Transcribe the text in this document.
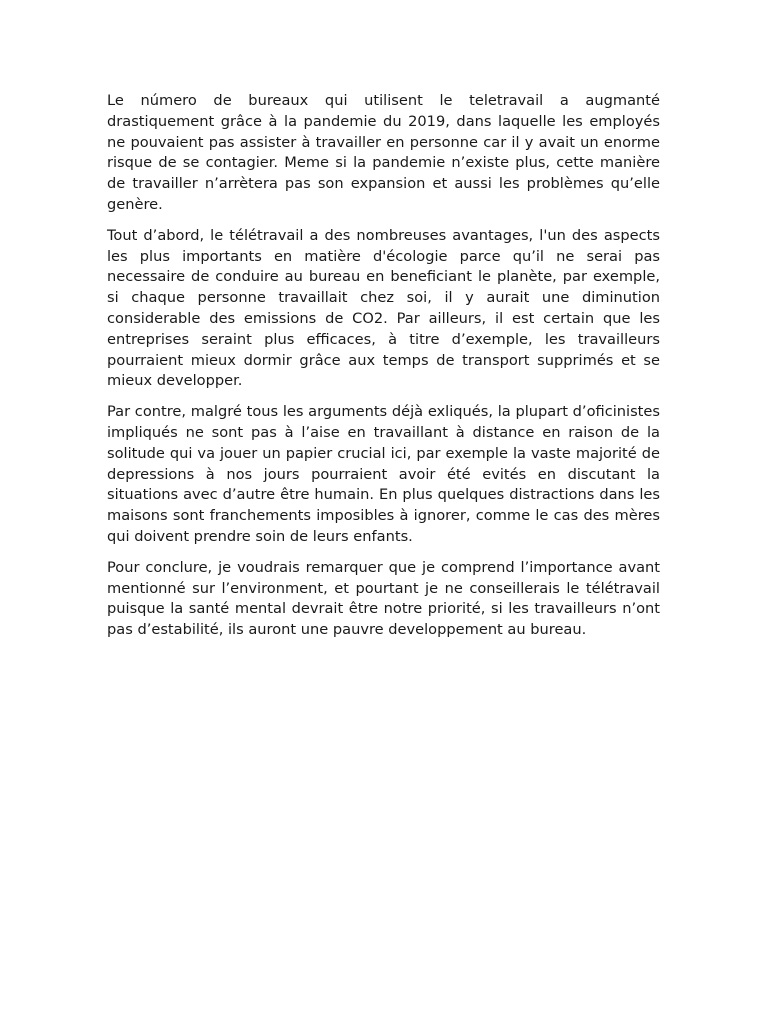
Le número de bureaux qui utilisent le teletravail a augmanté drastiquement grâce à la pandemie du 2019, dans laquelle les employés ne pouvaient pas assister à travailler en personne car il y avait un enorme risque de se contagier. Meme si la pandemie n’existe plus, cette manière de travailler n’arrètera pas son expansion et aussi les problèmes qu’elle genère.

Tout d’abord, le télétravail a des nombreuses avantages, l'un des aspects les plus importants en matière d'écologie parce qu’il ne serai pas necessaire de conduire au bureau en beneficiant le planète, par exemple, si chaque personne travaillait chez soi, il y aurait une diminution considerable des emissions de CO2. Par ailleurs, il est certain que les entreprises seraint plus efficaces, à titre d’exemple, les travailleurs pourraient mieux dormir grâce aux temps de transport supprimés et se mieux developper.

Par contre, malgré tous les arguments déjà exliqués, la plupart d’oficinistes impliqués ne sont pas à l’aise en travaillant à distance en raison de la solitude qui va jouer un papier crucial ici, par exemple la vaste majorité de depressions à nos jours pourraient avoir été evités en discutant la situations avec d’autre être humain. En plus quelques distractions dans les maisons sont franchements imposibles à ignorer, comme le cas des mères qui doivent prendre soin de leurs enfants.

Pour conclure, je voudrais remarquer que je comprend l’importance avant mentionné sur l’environment, et pourtant je ne conseillerais le télétravail puisque la santé mental devrait être notre priorité, si les travailleurs n’ont pas d’estabilité, ils auront une pauvre developpement au bureau.
